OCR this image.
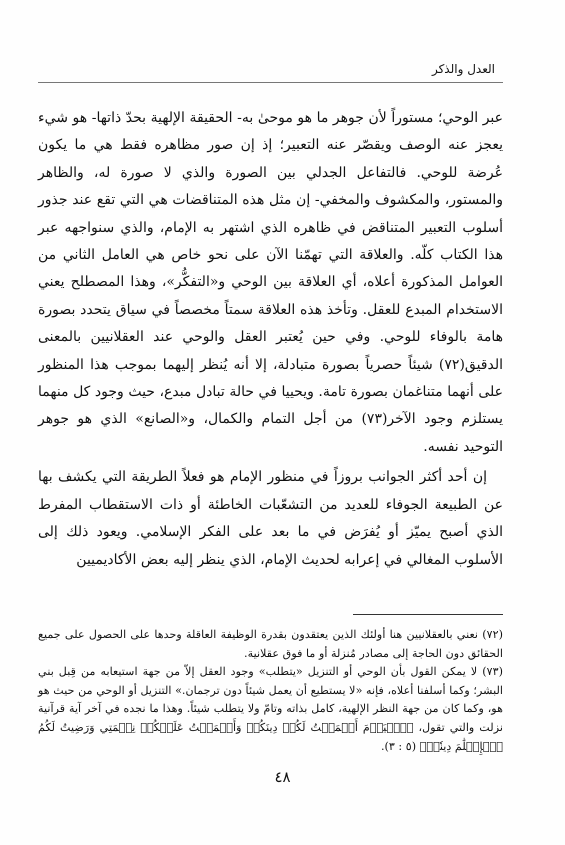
العدل والذكر

عبر الوحي؛ مستوراً لأن جوهر ما هو موحىٰ به- الحقيقة الإلهية بحدّ ذاتها- هو شيء يعجز عنه الوصف ويقصّر عنه التعبير؛ إذ إن صور مظاهره فقط هي ما يكون عُرضة للوحي. فالتفاعل الجدلي بين الصورة والذي لا صورة له، والظاهر والمستور، والمكشوف والمخفي- إن مثل هذه المتناقضات هي التي تقع عند جذور أسلوب التعبير المتناقض في ظاهره الذي اشتهر به الإمام، والذي سنواجهه عبر هذا الكتاب كلّه. والعلاقة التي تهمّنا الآن على نحو خاص هي العامل الثاني من العوامل المذكورة أعلاه، أي العلاقة بين الوحي و«التفكُّر»، وهذا المصطلح يعني الاستخدام المبدع للعقل. وتأخذ هذه العلاقة سمتاً مخصصاً في سياق يتحدد بصورة هامة بالوفاء للوحي. وفي حين يُعتبر العقل والوحي عند العقلانيين بالمعنى الدقيق(٧٢) شيئاً حصرياً بصورة متبادلة، إلا أنه يُنظر إليهما بموجب هذا المنظور على أنهما متناغمان بصورة تامة. ويحييا في حالة تبادل مبدع، حيث وجود كل منهما يستلزم وجود الآخر(٧٣) من أجل التمام والكمال، و«الصانع» الذي هو جوهر التوحيد نفسه.

إن أحد أكثر الجوانب بروزاً في منظور الإمام هو فعلاً الطريقة التي يكشف بها عن الطبيعة الجوفاء للعديد من التشعّبات الخاطئة أو ذات الاستقطاب المفرط الذي أصبح يميّز أو يُفرَض في ما بعد على الفكر الإسلامي. ويعود ذلك إلى الأسلوب المغالي في إعرابه لحديث الإمام، الذي ينظر إليه بعض الأكاديميين

(٧٢) نعني بالعقلانيين هنا أولئك الذين يعتقدون بقدرة الوظيفة العاقلة وحدها على الحصول على جميع الحقائق دون الحاجة إلى مصادر مُنزلة أو ما فوق عقلانية.

(٧٣) لا يمكن القول بأن الوحي أو التنزيل «يتطلب» وجود العقل إلاّ من جهة استيعابه من قِبل بني البشر؛ وكما أسلفنا أعلاه، فإنه «لا يستطيع أن يعمل شيئاً دون ترجمان.» التنزيل أو الوحي من حيث هو هو، وكما كان من جهة النظر الإلهية، كامل بذاته وتامّ ولا يتطلب شيئاً. وهذا ما نجده في آخر آية قرآنية نزلت والتي تقول، ﴿ٱلۡيَوۡمَ أَكۡمَلۡتُ لَكُمۡ دِينَكُمۡ وَأَتۡمَمۡتُ عَلَيۡكُمۡ نِعۡمَتِي وَرَضِيتُ لَكُمُ ٱلۡإِسۡلَٰمَ دِينٗاۚ﴾ (٥ : ٣).

٤٨
